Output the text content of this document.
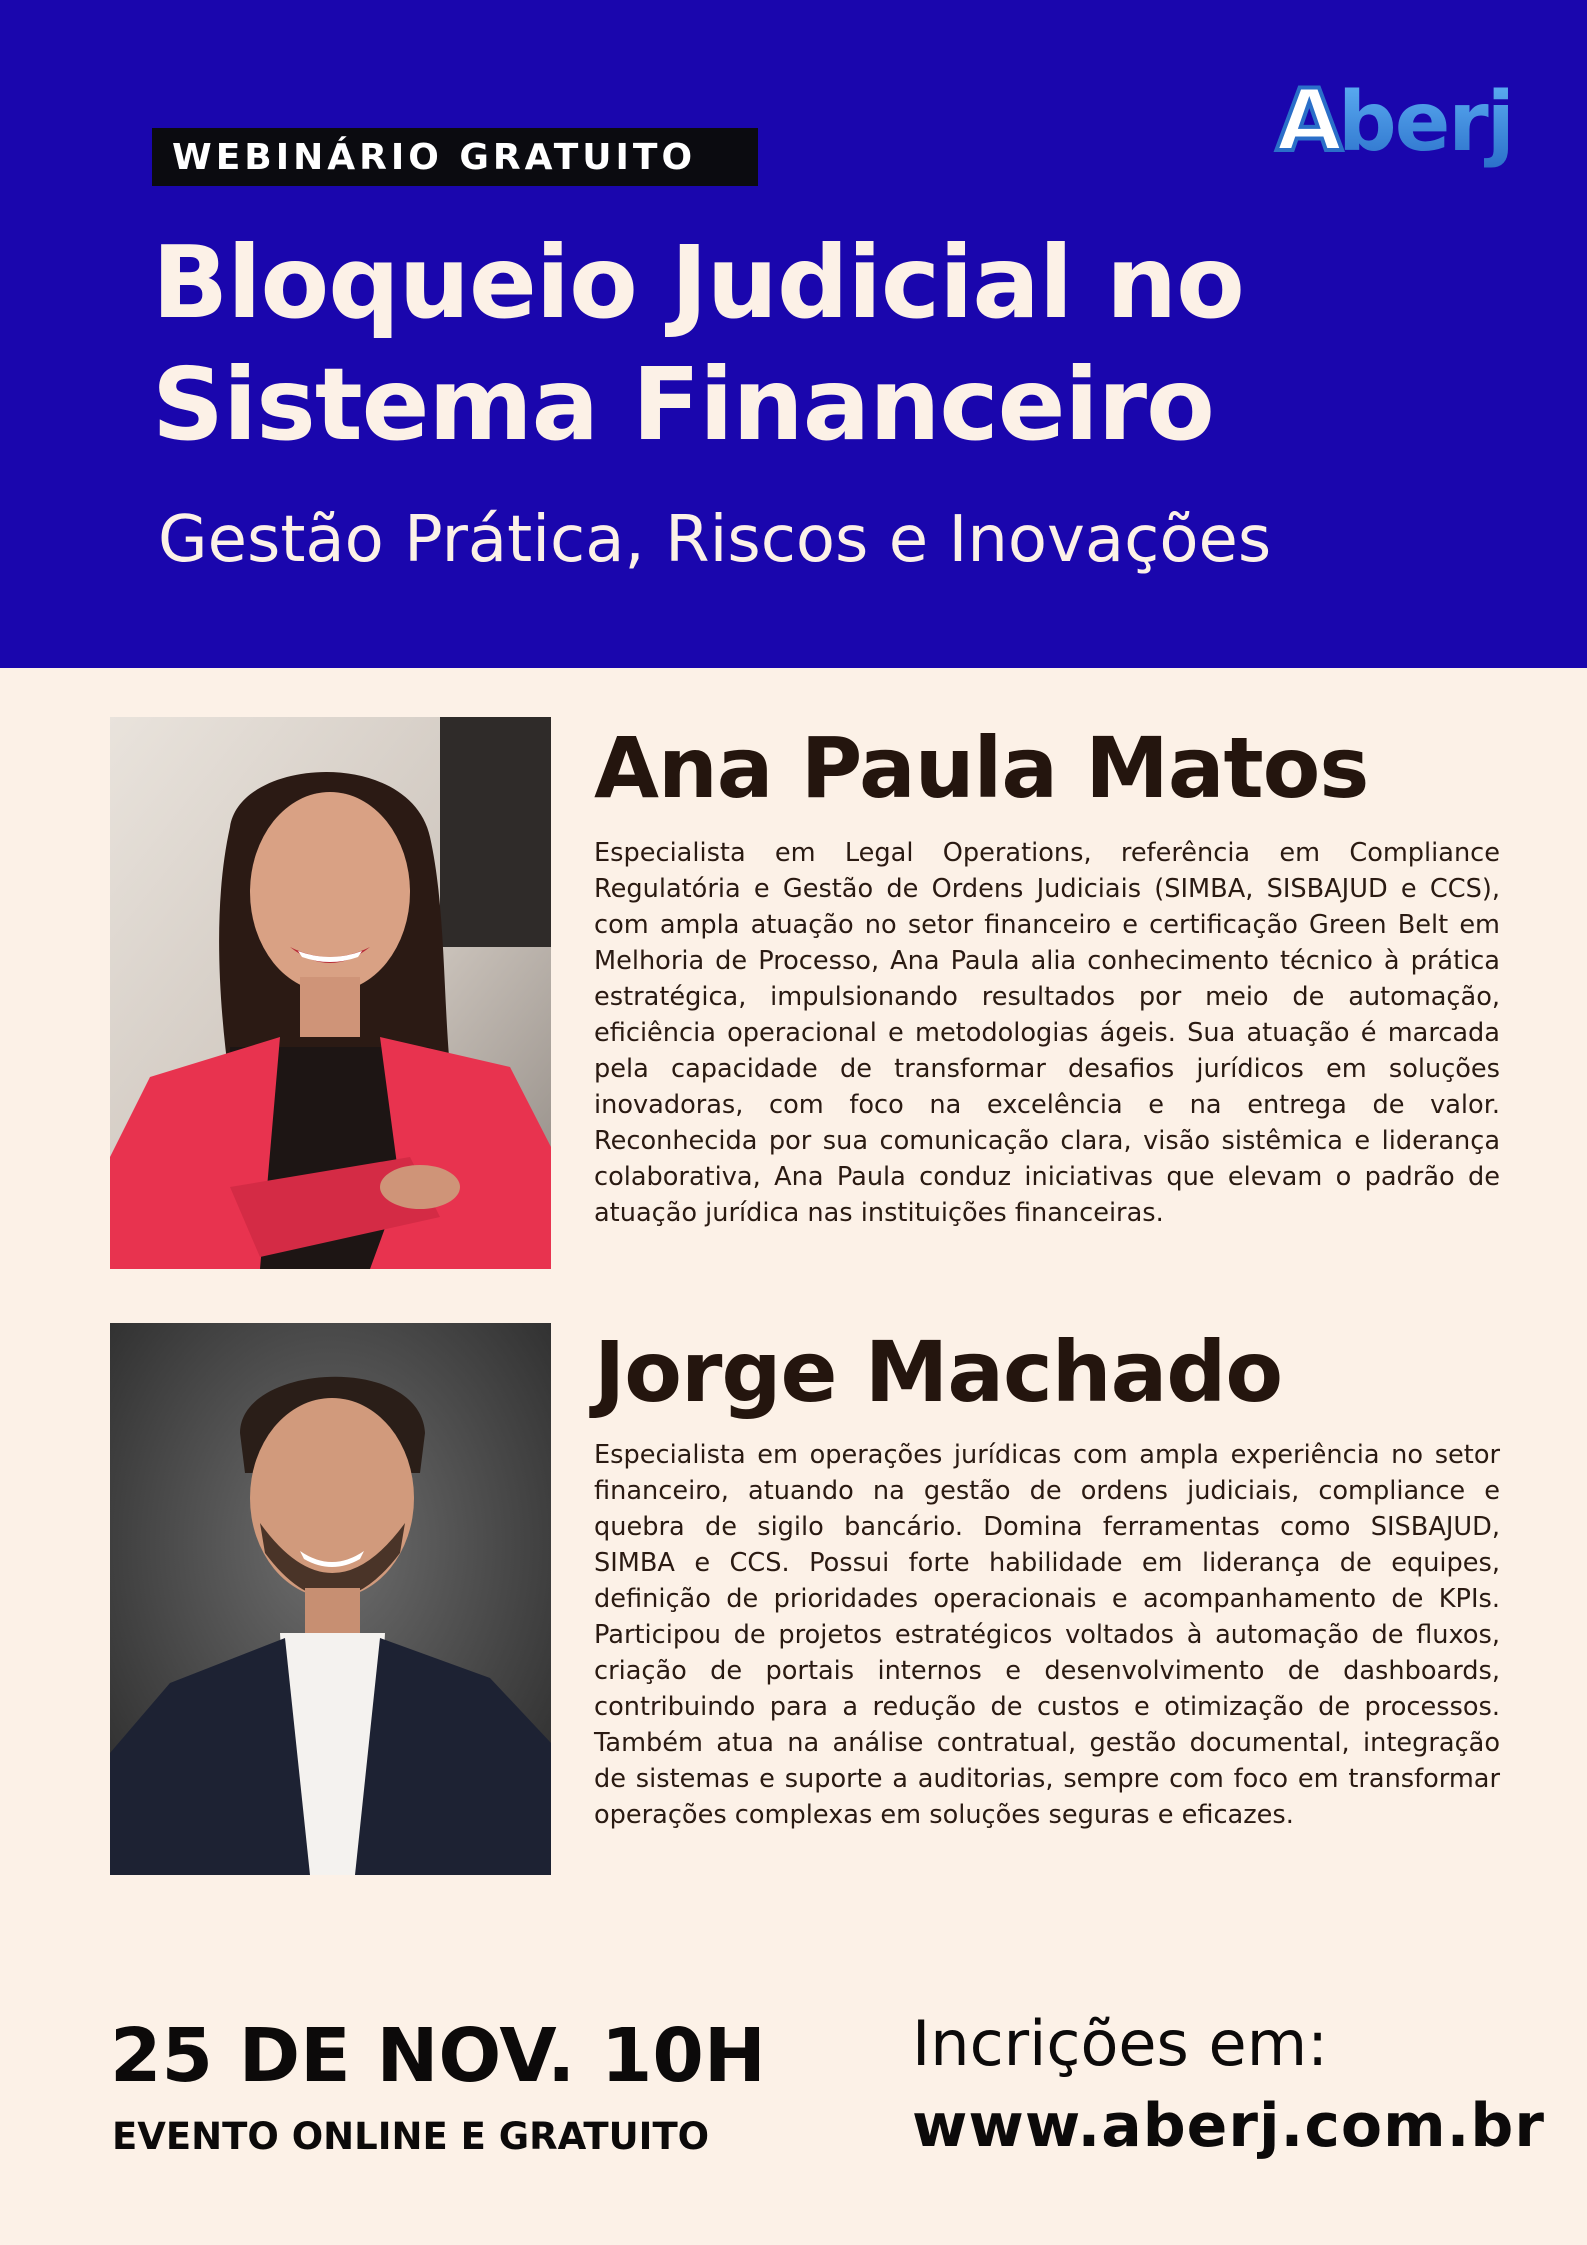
WEBINÁRIO GRATUITO	A
berj
Bloqueio Judicial no
Sistema Financeiro
Gestão Prática, Riscos e Inovações
Ana Paula Matos
Especialista em Legal Operations, referência em Compliance Regulatória e Gestão de Ordens Judiciais (SIMBA, SISBAJUD e CCS), com ampla atuação no setor financeiro e certificação Green Belt em Melhoria de Processo, Ana Paula alia conhecimento técnico à prática estratégica, impulsionando resultados por meio de automação, eficiência operacional e metodologias ágeis. Sua atuação é marcada pela capacidade de transformar desafios jurídicos em soluções inovadoras, com foco na excelência e na entrega de valor. Reconhecida por sua comunicação clara, visão sistêmica e liderança colaborativa, Ana Paula conduz iniciativas que elevam o padrão de atuação jurídica nas instituições financeiras.
Jorge Machado
Especialista em operações jurídicas com ampla experiência no setor financeiro, atuando na gestão de ordens judiciais, compliance e quebra de sigilo bancário. Domina ferramentas como SISBAJUD, SIMBA e CCS. Possui forte habilidade em liderança de equipes, definição de prioridades operacionais e acompanhamento de KPIs. Participou de projetos estratégicos voltados à automação de fluxos, criação de portais internos e desenvolvimento de dashboards, contribuindo para a redução de custos e otimização de processos. Também atua na análise contratual, gestão documental, integração de sistemas e suporte a auditorias, sempre com foco em transformar operações complexas em soluções seguras e eficazes.
25 DE NOV. 10H
EVENTO ONLINE E GRATUITO
Incrições em:
www.aberj.com.br
